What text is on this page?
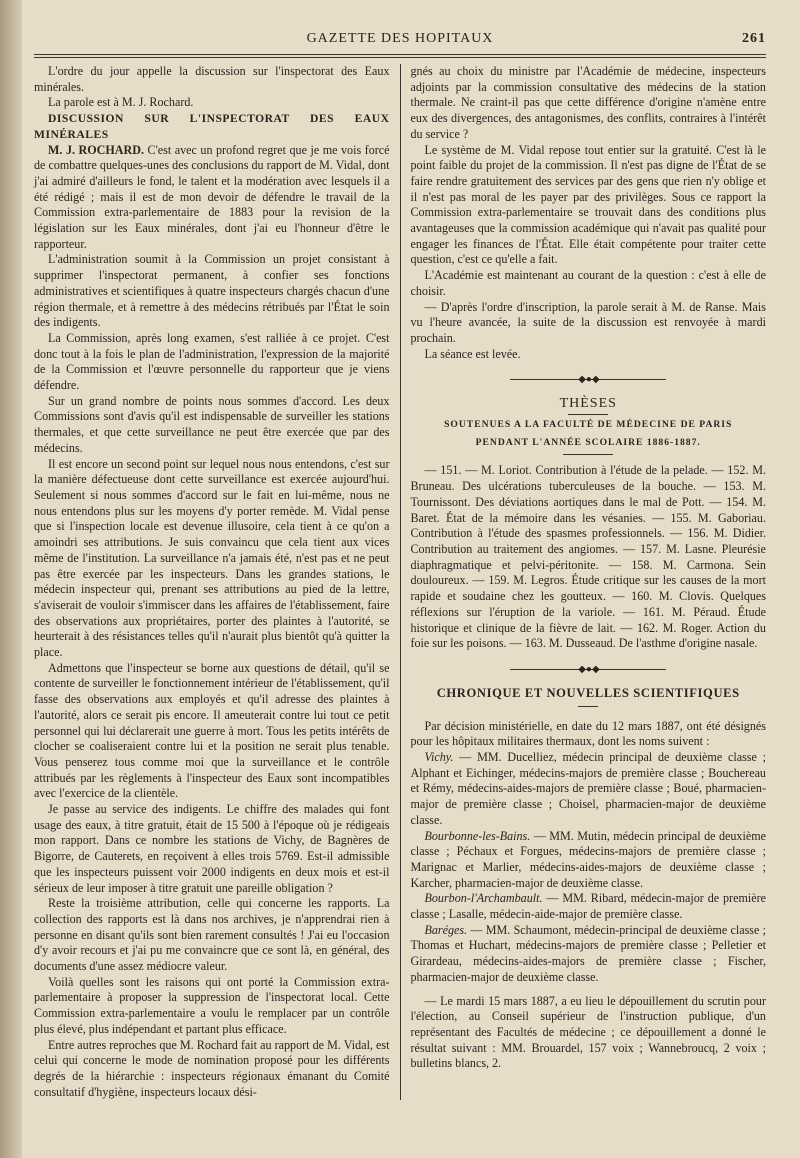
GAZETTE DES HOPITAUX	261

L'ordre du jour appelle la discussion sur l'inspectorat des Eaux minérales.

La parole est à M. J. Rochard.

DISCUSSION SUR L'INSPECTORAT DES EAUX MINÉRALES

M. J. ROCHARD. C'est avec un profond regret que je me vois forcé de combattre quelques-unes des conclusions du rapport de M. Vidal, dont j'ai admiré d'ailleurs le fond, le talent et la modération avec lesquels il a été rédigé ; mais il est de mon devoir de défendre le travail de la Commission extra-parlementaire de 1883 pour la revision de la législation sur les Eaux minérales, dont j'ai eu l'honneur d'être le rapporteur.

L'administration soumit à la Commission un projet consistant à supprimer l'inspectorat permanent, à confier ses fonctions administratives et scientifiques à quatre inspecteurs chargés chacun d'une région thermale, et à remettre à des médecins rétribués par l'État le soin des indigents.

La Commission, après long examen, s'est ralliée à ce projet. C'est donc tout à la fois le plan de l'administration, l'expression de la majorité de la Commission et l'œuvre personnelle du rapporteur que je viens défendre.

Sur un grand nombre de points nous sommes d'accord. Les deux Commissions sont d'avis qu'il est indispensable de surveiller les stations thermales, et que cette surveillance ne peut être exercée que par des médecins.

Il est encore un second point sur lequel nous nous entendons, c'est sur la manière défectueuse dont cette surveillance est exercée aujourd'hui. Seulement si nous sommes d'accord sur le fait en lui-même, nous ne nous entendons plus sur les moyens d'y porter remède. M. Vidal pense que si l'inspection locale est devenue illusoire, cela tient à ce qu'on a amoindri ses attributions. Je suis convaincu que cela tient aux vices même de l'institution. La surveillance n'a jamais été, n'est pas et ne peut pas être exercée par les inspecteurs. Dans les grandes stations, le médecin inspecteur qui, prenant ses attributions au pied de la lettre, s'aviserait de vouloir s'immiscer dans les affaires de l'établissement, faire des observations aux propriétaires, porter des plaintes à l'autorité, se heurterait à des résistances telles qu'il n'aurait plus bientôt qu'à quitter la place.

Admettons que l'inspecteur se borne aux questions de détail, qu'il se contente de surveiller le fonctionnement intérieur de l'établissement, qu'il fasse des observations aux employés et qu'il adresse des plaintes à l'autorité, alors ce serait pis encore. Il ameuterait contre lui tout ce petit personnel qui lui déclarerait une guerre à mort. Tous les petits intérêts de clocher se coaliseraient contre lui et la position ne serait plus tenable. Vous penserez tous comme moi que la surveillance et le contrôle attribués par les règlements à l'inspecteur des Eaux sont incompatibles avec l'exercice de la clientèle.

Je passe au service des indigents. Le chiffre des malades qui font usage des eaux, à titre gratuit, était de 15 500 à l'époque où je rédigeais mon rapport. Dans ce nombre les stations de Vichy, de Bagnères de Bigorre, de Cauterets, en reçoivent à elles trois 5769. Est-il admissible que les inspecteurs puissent voir 2000 indigents en deux mois et est-il sérieux de leur imposer à titre gratuit une pareille obligation ?

Reste la troisième attribution, celle qui concerne les rapports. La collection des rapports est là dans nos archives, je n'apprendrai rien à personne en disant qu'ils sont bien rarement consultés ! J'ai eu l'occasion d'y avoir recours et j'ai pu me convaincre que ce sont là, en général, des documents d'une assez médiocre valeur.

Voilà quelles sont les raisons qui ont porté la Commission extra-parlementaire à proposer la suppression de l'inspectorat local. Cette Commission extra-parlementaire a voulu le remplacer par un contrôle plus élevé, plus indépendant et partant plus efficace.

Entre autres reproches que M. Rochard fait au rapport de M. Vidal, est celui qui concerne le mode de nomination proposé pour les différents degrés de la hiérarchie : inspecteurs régionaux émanant du Comité consultatif d'hygiène, inspecteurs locaux dési-

gnés au choix du ministre par l'Académie de médecine, inspecteurs adjoints par la commission consultative des médecins de la station thermale. Ne craint-il pas que cette différence d'origine n'amène entre eux des divergences, des antagonismes, des conflits, contraires à l'intérêt du service ?

Le système de M. Vidal repose tout entier sur la gratuité. C'est là le point faible du projet de la commission. Il n'est pas digne de l'État de se faire rendre gratuitement des services par des gens que rien n'y oblige et il n'est pas moral de les payer par des privilèges. Sous ce rapport la Commission extra-parlementaire se trouvait dans des conditions plus avantageuses que la commission académique qui n'avait pas qualité pour engager les finances de l'État. Elle était compétente pour traiter cette question, c'est ce qu'elle a fait.

L'Académie est maintenant au courant de la question : c'est à elle de choisir.

— D'après l'ordre d'inscription, la parole serait à M. de Ranse. Mais vu l'heure avancée, la suite de la discussion est renvoyée à mardi prochain.

La séance est levée.

◆●◆

THÈSES

SOUTENUES A LA FACULTÉ DE MÉDECINE DE PARIS

PENDANT L'ANNÉE SCOLAIRE 1886-1887.

— 151. — M. Loriot. Contribution à l'étude de la pelade. — 152. M. Bruneau. Des ulcérations tuberculeuses de la bouche. — 153. M. Tournissont. Des déviations aortiques dans le mal de Pott. — 154. M. Baret. État de la mémoire dans les vésanies. — 155. M. Gaboriau. Contribution à l'étude des spasmes professionnels. — 156. M. Didier. Contribution au traitement des angiomes. — 157. M. Lasne. Pleurésie diaphragmatique et pelvi-péritonite. — 158. M. Carmona. Sein douloureux. — 159. M. Legros. Étude critique sur les causes de la mort rapide et soudaine chez les goutteux. — 160. M. Clovis. Quelques réflexions sur l'éruption de la variole. — 161. M. Péraud. Étude historique et clinique de la fièvre de lait. — 162. M. Roger. Action du foie sur les poisons. — 163. M. Dusseaud. De l'asthme d'origine nasale.

◆●◆

CHRONIQUE ET NOUVELLES SCIENTIFIQUES

Par décision ministérielle, en date du 12 mars 1887, ont été désignés pour les hôpitaux militaires thermaux, dont les noms suivent :

Vichy. — MM. Ducelliez, médecin principal de deuxième classe ; Alphant et Eichinger, médecins-majors de première classe ; Bouchereau et Rémy, médecins-aides-majors de première classe ; Boué, pharmacien-major de première classe ; Choisel, pharmacien-major de deuxième classe.

Bourbonne-les-Bains. — MM. Mutin, médecin principal de deuxième classe ; Péchaux et Forgues, médecins-majors de première classe ; Marignac et Marlier, médecins-aides-majors de deuxième classe ; Karcher, pharmacien-major de deuxième classe.

Bourbon-l'Archambault. — MM. Ribard, médecin-major de première classe ; Lasalle, médecin-aide-major de première classe.

Baréges. — MM. Schaumont, médecin-principal de deuxième classe ; Thomas et Huchart, médecins-majors de première classe ; Pelletier et Girardeau, médecins-aides-majors de première classe ; Fischer, pharmacien-major de deuxième classe.

— Le mardi 15 mars 1887, a eu lieu le dépouillement du scrutin pour l'élection, au Conseil supérieur de l'instruction publique, d'un représentant des Facultés de médecine ; ce dépouillement a donné le résultat suivant : MM. Brouardel, 157 voix ; Wannebroucq, 2 voix ; bulletins blancs, 2.
